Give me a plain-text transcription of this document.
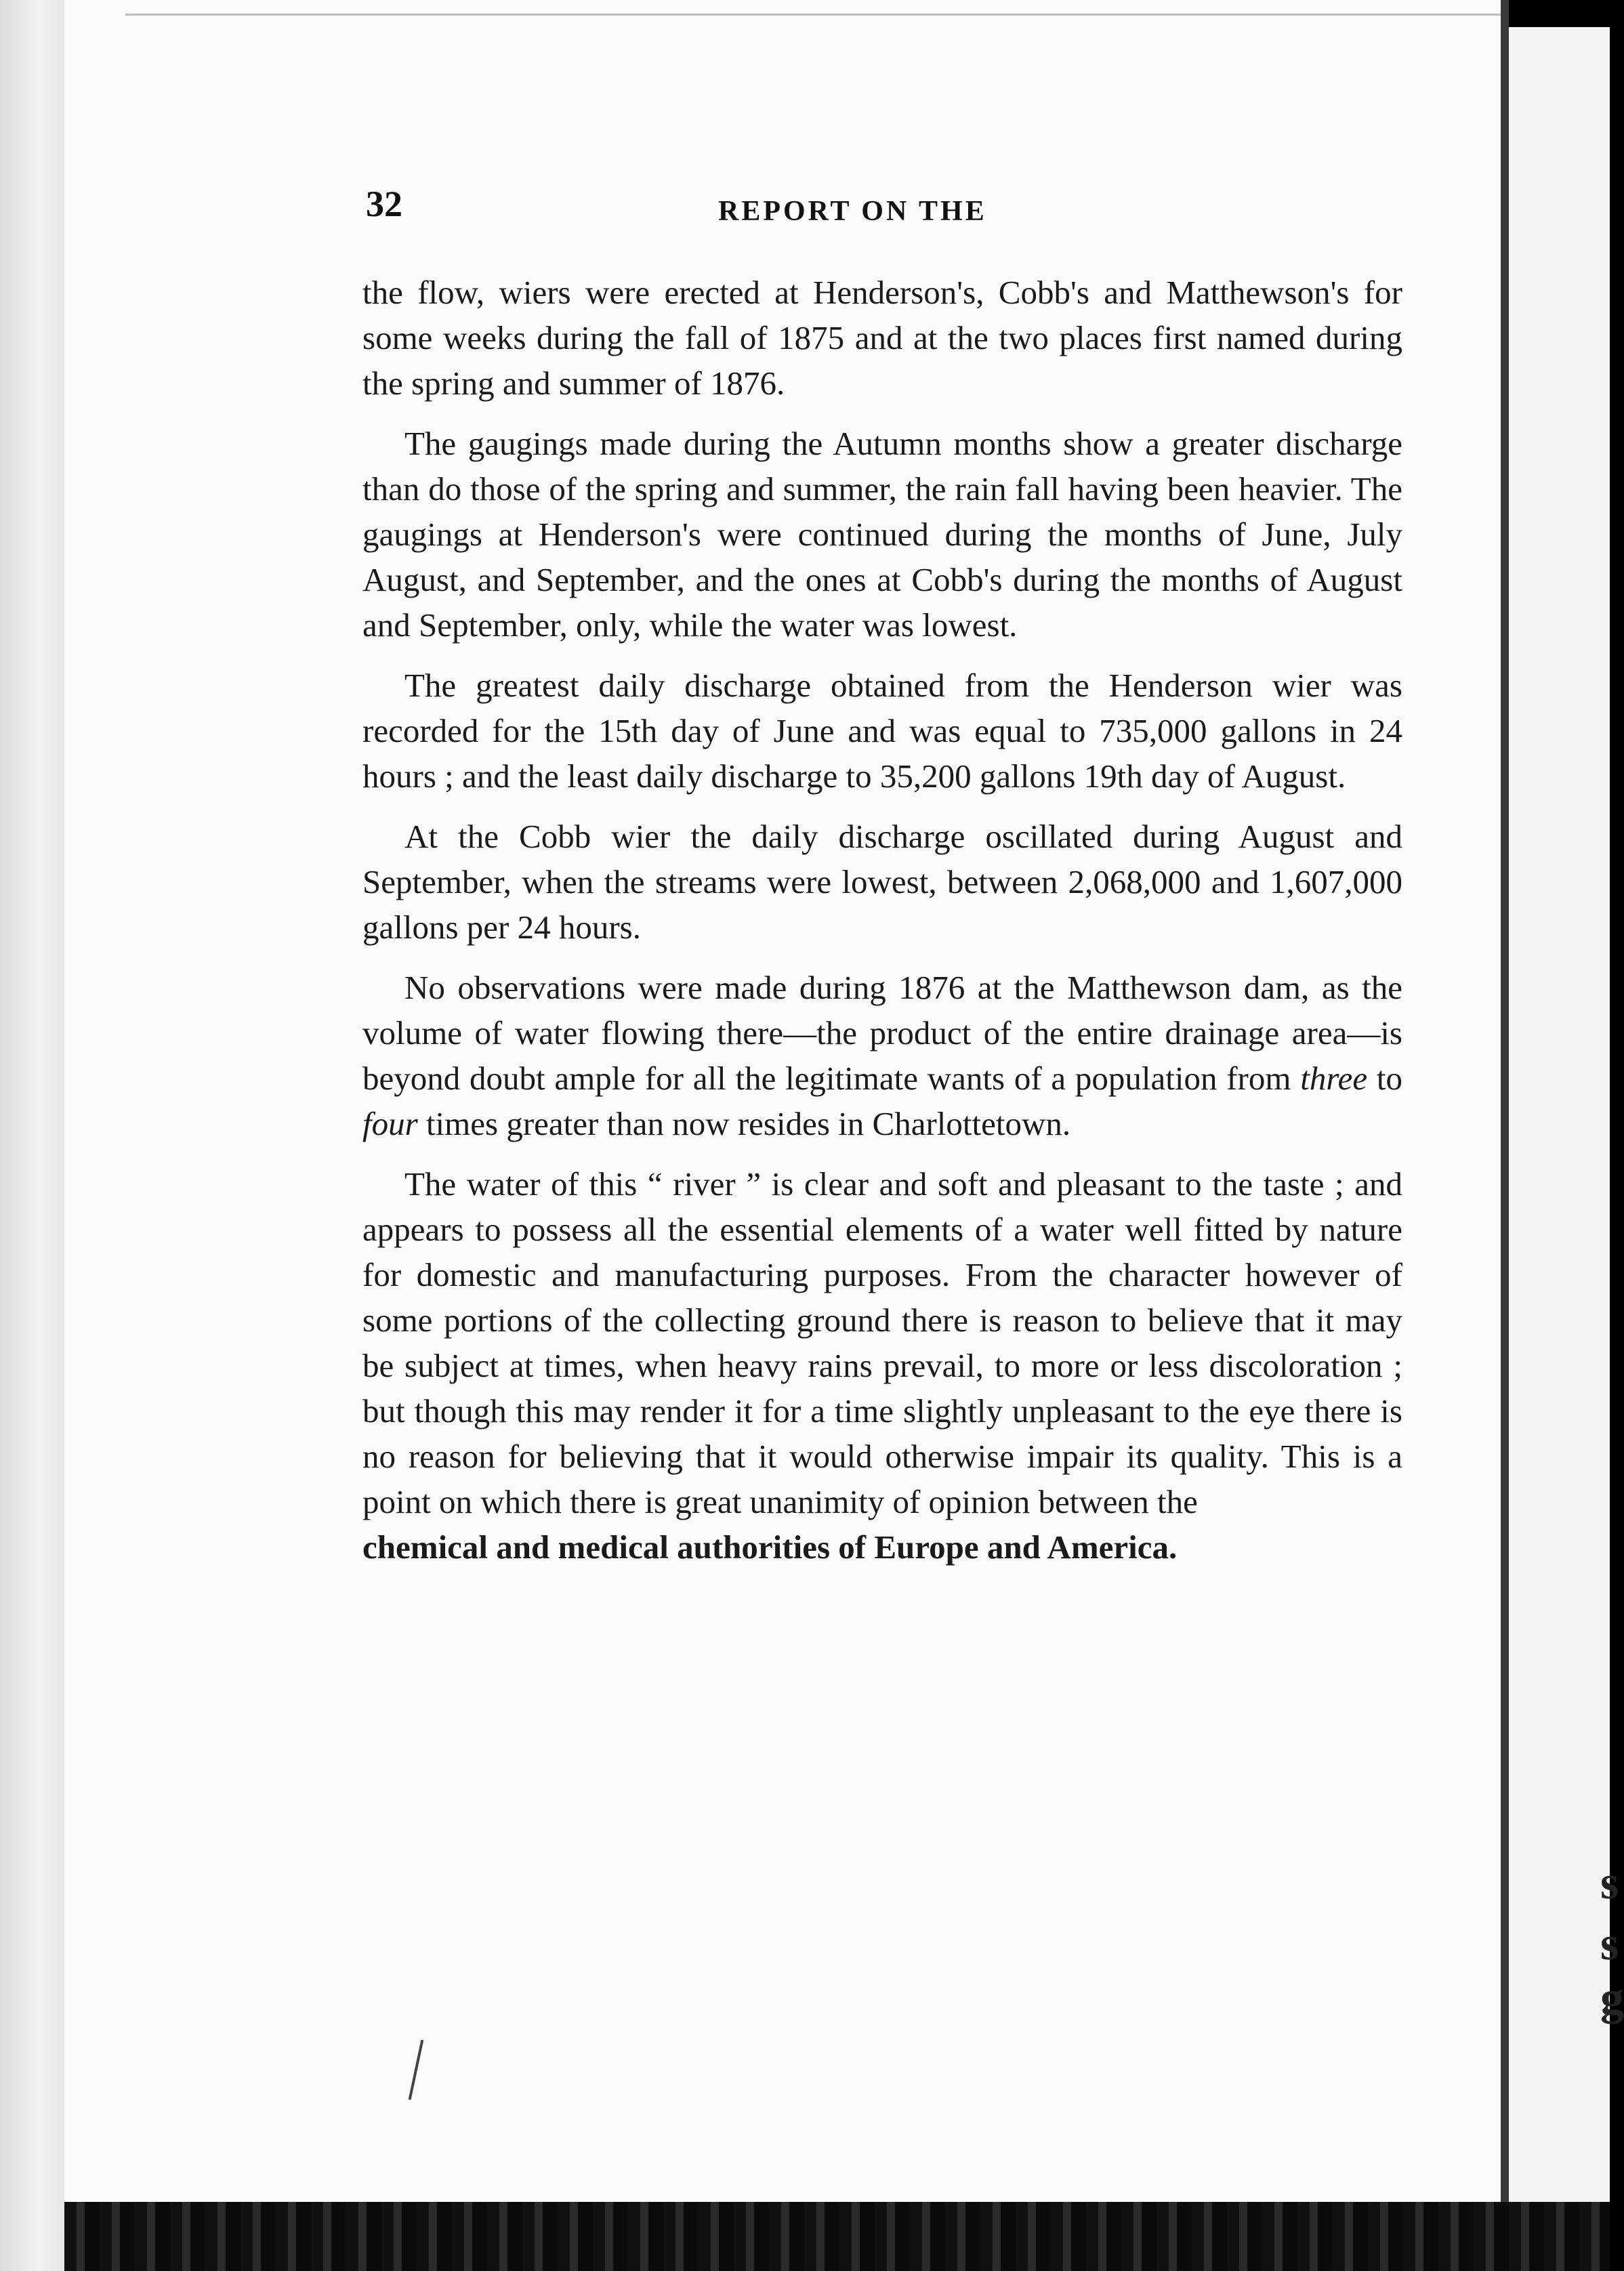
s
s
g
32	REPORT ON THE

the flow, wiers were erected at Henderson's, Cobb's and Matthewson's for some weeks during the fall of 1875 and at the two places first named during the spring and summer of 1876.

The gaugings made during the Autumn months show a greater discharge than do those of the spring and summer, the rain fall having been heavier. The gaugings at Henderson's were continued during the months of June, July August, and September, and the ones at Cobb's during the months of August and September, only, while the water was lowest.

The greatest daily discharge obtained from the Henderson wier was recorded for the 15th day of June and was equal to 735,000 gallons in 24 hours ; and the least daily discharge to 35,200 gallons 19th day of August.

At the Cobb wier the daily discharge oscillated during August and September, when the streams were lowest, between 2,068,000 and 1,607,000 gallons per 24 hours.

No observations were made during 1876 at the Matthewson dam, as the volume of water flowing there—the product of the entire drainage area—is beyond doubt ample for all the legitimate wants of a population from three to four times greater than now resides in Charlottetown.

The water of this “ river ” is clear and soft and pleasant to the taste ; and appears to possess all the essential elements of a water well fitted by nature for domestic and manufacturing purposes. From the character however of some portions of the collecting ground there is reason to believe that it may be subject at times, when heavy rains prevail, to more or less discoloration ; but though this may render it for a time slightly unpleasant to the eye there is no reason for believing that it would otherwise impair its quality. This is a point on which there is great unanimity of opinion between the

chemical and medical authorities of Europe and America.
